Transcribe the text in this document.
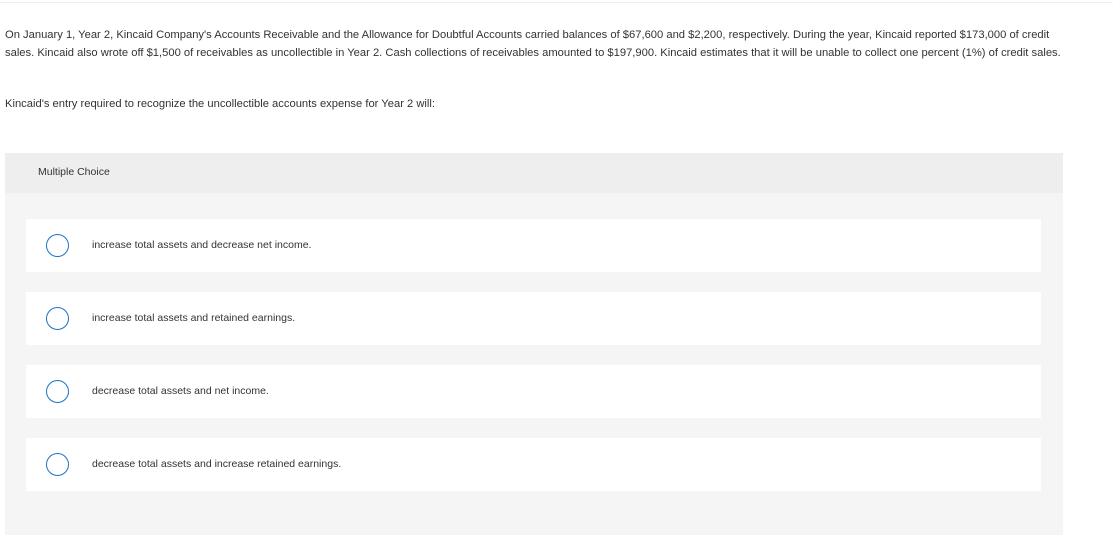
On January 1, Year 2, Kincaid Company's Accounts Receivable and the Allowance for Doubtful Accounts carried balances of $67,600 and $2,200, respectively. During the year, Kincaid reported $173,000 of credit sales. Kincaid also wrote off $1,500 of receivables as uncollectible in Year 2. Cash collections of receivables amounted to $197,900. Kincaid estimates that it will be unable to collect one percent (1%) of credit sales.

Kincaid's entry required to recognize the uncollectible accounts expense for Year 2 will:

Multiple Choice
increase total assets and decrease net income.
increase total assets and retained earnings.
decrease total assets and net income.
decrease total assets and increase retained earnings.
